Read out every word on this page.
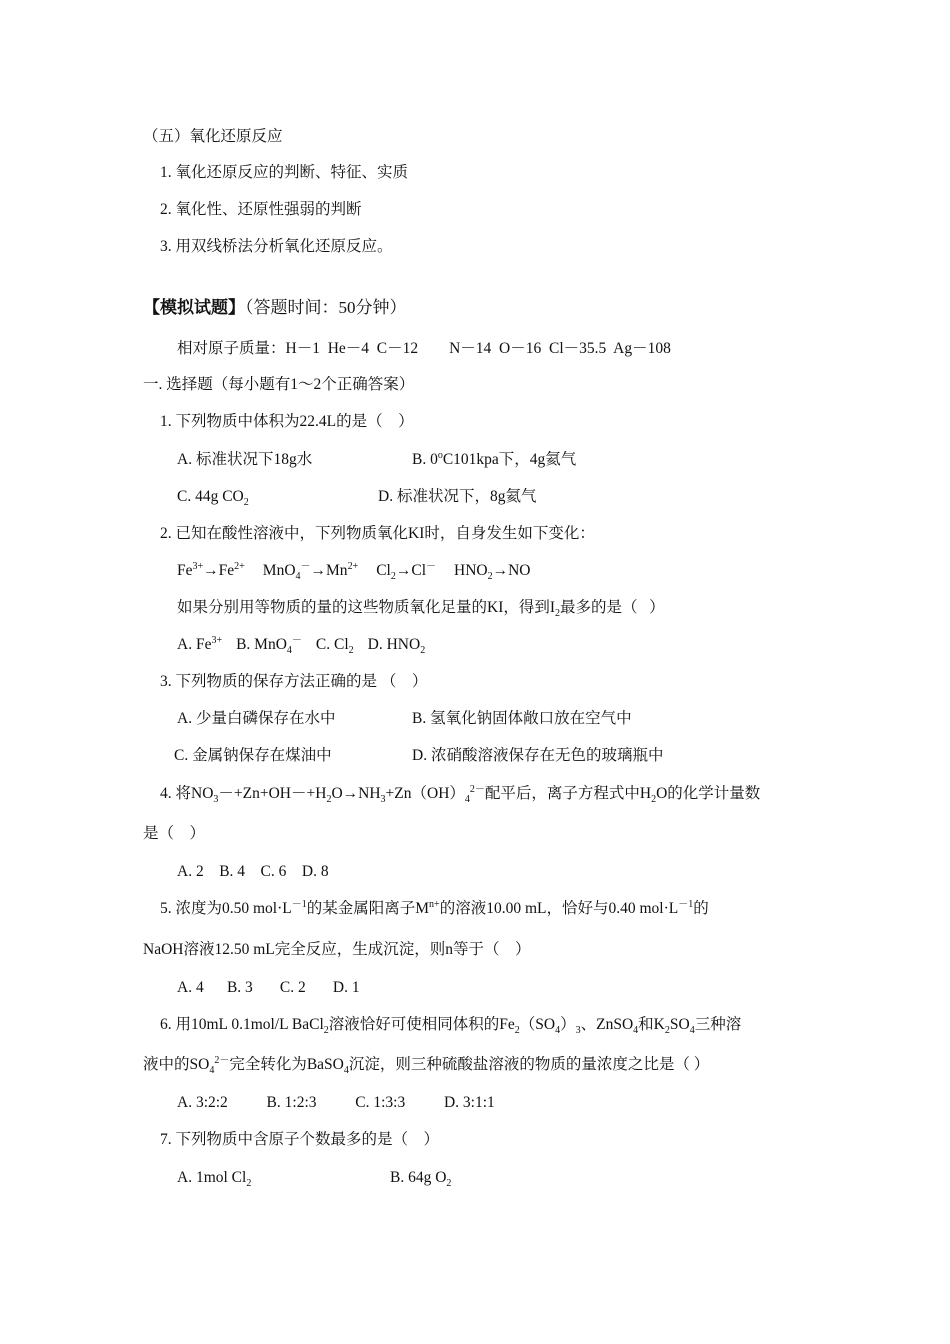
（五）氧化还原反应
1. 氧化还原反应的判断、特征、实质
2. 氧化性、还原性强弱的判断
3. 用双线桥法分析氧化还原反应。
【模拟试题】（答题时间：50分钟）
相对原子质量：H－1  He－4  C－12        N－14  O－16  Cl－35.5  Ag－108
一. 选择题（每小题有1～2个正确答案）
1. 下列物质中体积为22.4L的是（    ）
A. 标准状况下18g水	B. 0$^o$C101kpa下，4g氦气
C. 44g $CO_2$	D. 标准状况下，8g氦气
2. 已知在酸性溶液中，下列物质氧化KI时，自身发生如下变化：
$Fe^{3+}\to Fe^{2+}$ $MnO_4^-\to Mn^{2+}$ $Cl_2\to Cl^-$ $HNO_2\to NO$
如果分别用等物质的量的这些物质氧化足量的KI，得到$I_2$最多的是（   ）
A. $Fe^{3+}$ B. MnO$_4$－ C. $Cl_2$ D. $HNO_2$
3. 下列物质的保存方法正确的是 （    ）
A. 少量白磷保存在水中	B. 氢氧化钠固体敞口放在空气中
C. 金属钠保存在煤油中	D. 浓硝酸溶液保存在无色的玻璃瓶中
4. 将$NO_3-+Zn+OH-+H_2O\to NH_3+Zn(OH)_4^{2-}$配平后，离子方程式中$H_2O$的化学计量数
是（    ）
A. 2    B. 4    C. 6    D. 8
5. 浓度为0.50 $mol\cdot L^{-1}$的某金属阳离子$M^{n+}$的溶液10.00 mL，恰好与0.40 $mol\cdot L^{-1}$的
NaOH溶液12.50 mL完全反应，生成沉淀，则n等于（    ）
A. 4      B. 3       C. 2       D. 1
6. 用10mL 0.1mol/L BaCl$_2$溶液恰好可使相同体积的$Fe_2(SO_4)_3$、ZnSO$_4$和$K_2SO_4$三种溶
液中的$SO_4^{2-}$完全转化为BaSO$_4$沉淀，则三种硫酸盐溶液的物质的量浓度之比是（ ）
A. 3:2:2          B. 1:2:3          C. 1:3:3          D. 3:1:1
7. 下列物质中含原子个数最多的是（    ）
A. 1mol $Cl_2$	B. 64g $O_2$
